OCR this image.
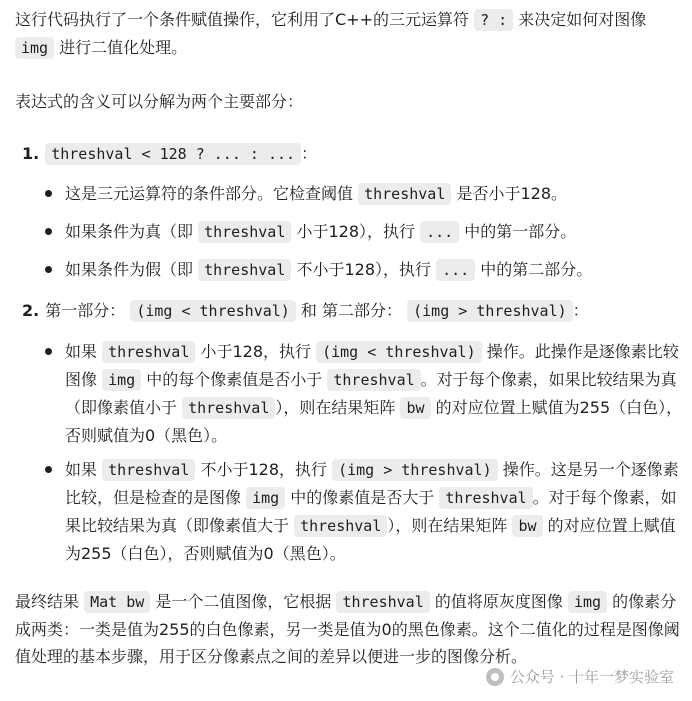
这行代码执行了一个条件赋值操作，它利用了C++的三元运算符 ? : 来决定如何对图像 img 进行二值化处理。

表达式的含义可以分解为两个主要部分：

1. threshval < 128 ? ... : ... ：

这是三元运算符的条件部分。它检查阈值 threshval 是否小于128。

如果条件为真（即 threshval 小于128），执行 ... 中的第一部分。

如果条件为假（即 threshval 不小于128），执行 ... 中的第二部分。

2. 第一部分： (img < threshval) 和 第二部分： (img > threshval) ：

如果 threshval 小于128，执行 (img < threshval) 操作。此操作是逐像素比较图像 img 中的每个像素值是否小于 threshval 。对于每个像素，如果比较结果为真（即像素值小于 threshval ），则在结果矩阵 bw 的对应位置上赋值为255（白色），否则赋值为0（黑色）。

如果 threshval 不小于128，执行 (img > threshval) 操作。这是另一个逐像素比较，但是检查的是图像 img 中的像素值是否大于 threshval 。对于每个像素，如果比较结果为真（即像素值大于 threshval ），则在结果矩阵 bw 的对应位置上赋值为255（白色），否则赋值为0（黑色）。

最终结果 Mat bw 是一个二值图像，它根据 threshval 的值将原灰度图像 img 的像素分成两类：一类是值为255的白色像素，另一类是值为0的黑色像素。这个二值化的过程是图像阈值处理的基本步骤，用于区分像素点之间的差异以便进一步的图像分析。

公众号 · 十年一梦实验室
